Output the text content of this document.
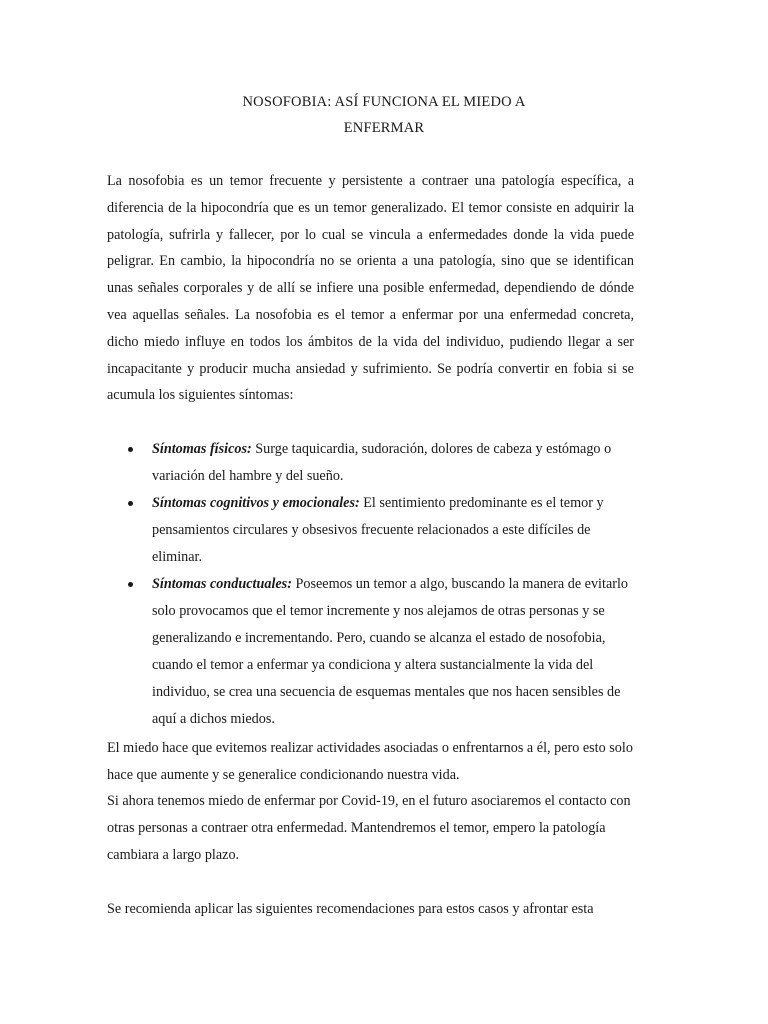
NOSOFOBIA: ASÍ FUNCIONA EL MIEDO A
ENFERMAR

La nosofobia es un temor frecuente y persistente a contraer una patología específica, a diferencia de la hipocondría que es un temor generalizado. El temor consiste en adquirir la patología, sufrirla y fallecer, por lo cual se vincula a enfermedades donde la vida puede peligrar. En cambio, la hipocondría no se orienta a una patología, sino que se identifican unas señales corporales y de allí se infiere una posible enfermedad, dependiendo de dónde vea aquellas señales. La nosofobia es el temor a enfermar por una enfermedad concreta, dicho miedo influye en todos los ámbitos de la vida del individuo, pudiendo llegar a ser incapacitante y producir mucha ansiedad y sufrimiento. Se podría convertir en fobia si se acumula los siguientes síntomas:

Síntomas físicos: Surge taquicardia, sudoración, dolores de cabeza y estómago o variación del hambre y del sueño.
Síntomas cognitivos y emocionales: El sentimiento predominante es el temor y pensamientos circulares y obsesivos frecuente relacionados a este difíciles de eliminar.
Síntomas conductuales: Poseemos un temor a algo, buscando la manera de evitarlo solo provocamos que el temor incremente y nos alejamos de otras personas y se generalizando e incrementando. Pero, cuando se alcanza el estado de nosofobia, cuando el temor a enfermar ya condiciona y altera sustancialmente la vida del individuo, se crea una secuencia de esquemas mentales que nos hacen sensibles de aquí a dichos miedos.

El miedo hace que evitemos realizar actividades asociadas o enfrentarnos a él, pero esto solo hace que aumente y se generalice condicionando nuestra vida.

Si ahora tenemos miedo de enfermar por Covid-19, en el futuro asociaremos el contacto con otras personas a contraer otra enfermedad. Mantendremos el temor, empero la patología cambiara a largo plazo.

Se recomienda aplicar las siguientes recomendaciones para estos casos y afrontar esta
